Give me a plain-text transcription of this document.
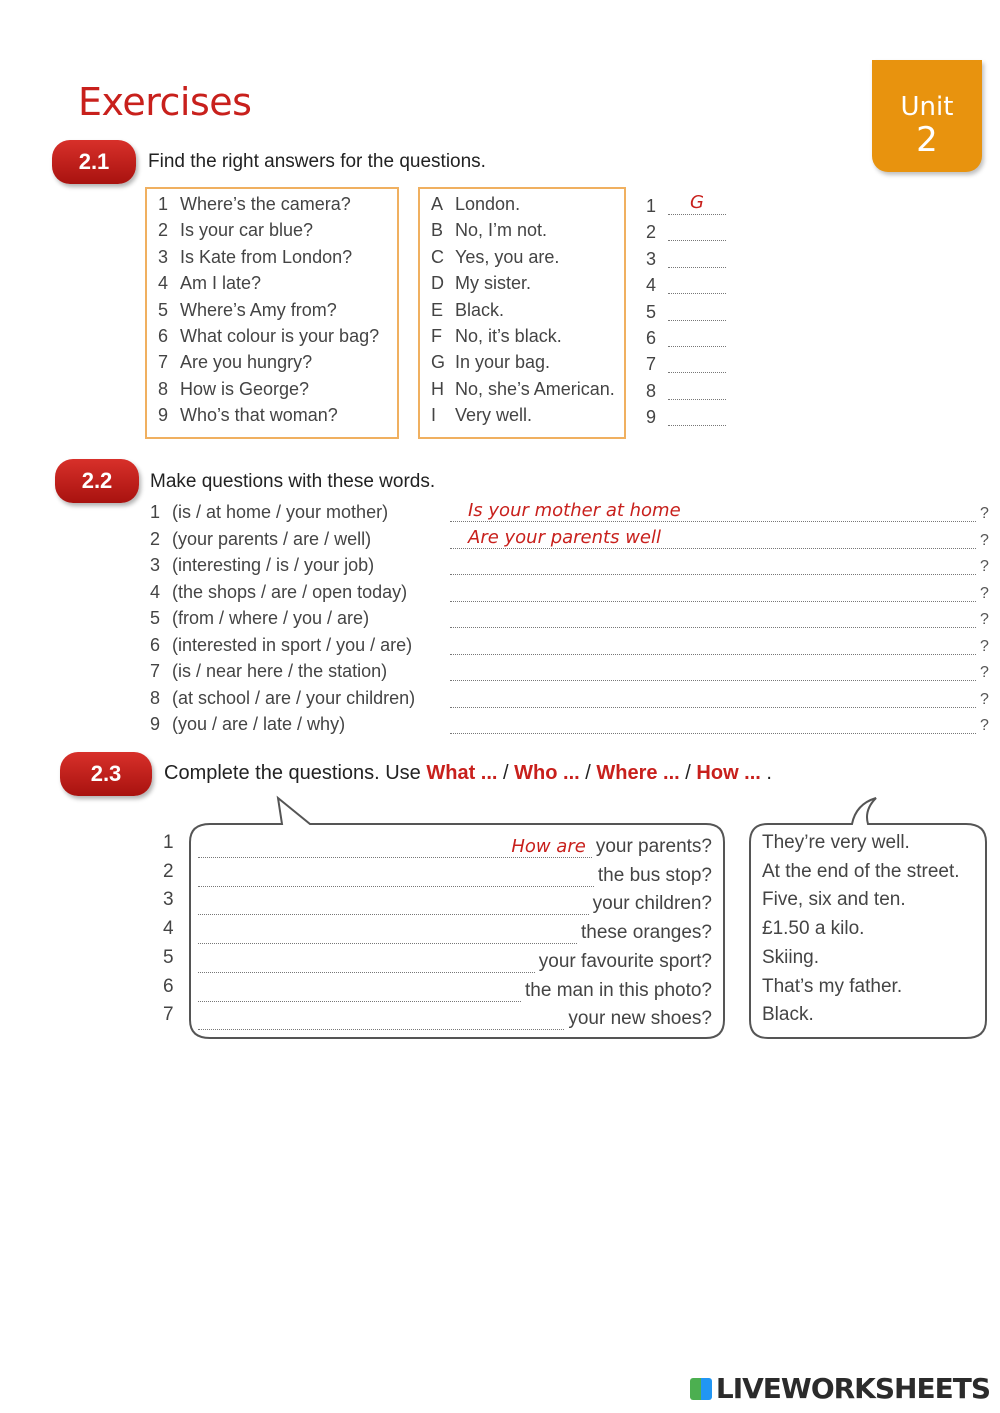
Exercises	Unit
2
2.1	Find the right answers for the questions.
1 Where’s the camera?
2 Is your car blue?
3 Is Kate from London?
4 Am I late?
5 Where’s Amy from?
6 What colour is your bag?
7 Are you hungry?
8 How is George?
9 Who’s that woman?
A London.
B No, I’m not.
C Yes, you are.
D My sister.
E Black.
F No, it’s black.
G In your bag.
H No, she’s American.
I Very well.
1	G
2
3
4
5
6
7
8
9
2.2	Make questions with these words.
1 (is / at home / your mother)	Is your mother at home	?
2 (your parents / are / well)	Are your parents well	?
3 (interesting / is / your job)	?
4 (the shops / are / open today)	?
5 (from / where / you / are)	?
6 (interested in sport / you / are)	?
7 (is / near here / the station)	?
8 (at school / are / your children)	?
9 (you / are / late / why)	?
2.3	Complete the questions. Use What ... / Who ... / Where ... / How ... .
1	How are your parents?	They’re very well.
2	the bus stop?	At the end of the street.
3	your children?	Five, six and ten.
4	these oranges?	£1.50 a kilo.
5	your favourite sport?	Skiing.
6	the man in this photo?	That’s my father.
7	your new shoes?	Black.
LIVEWORKSHEETS
